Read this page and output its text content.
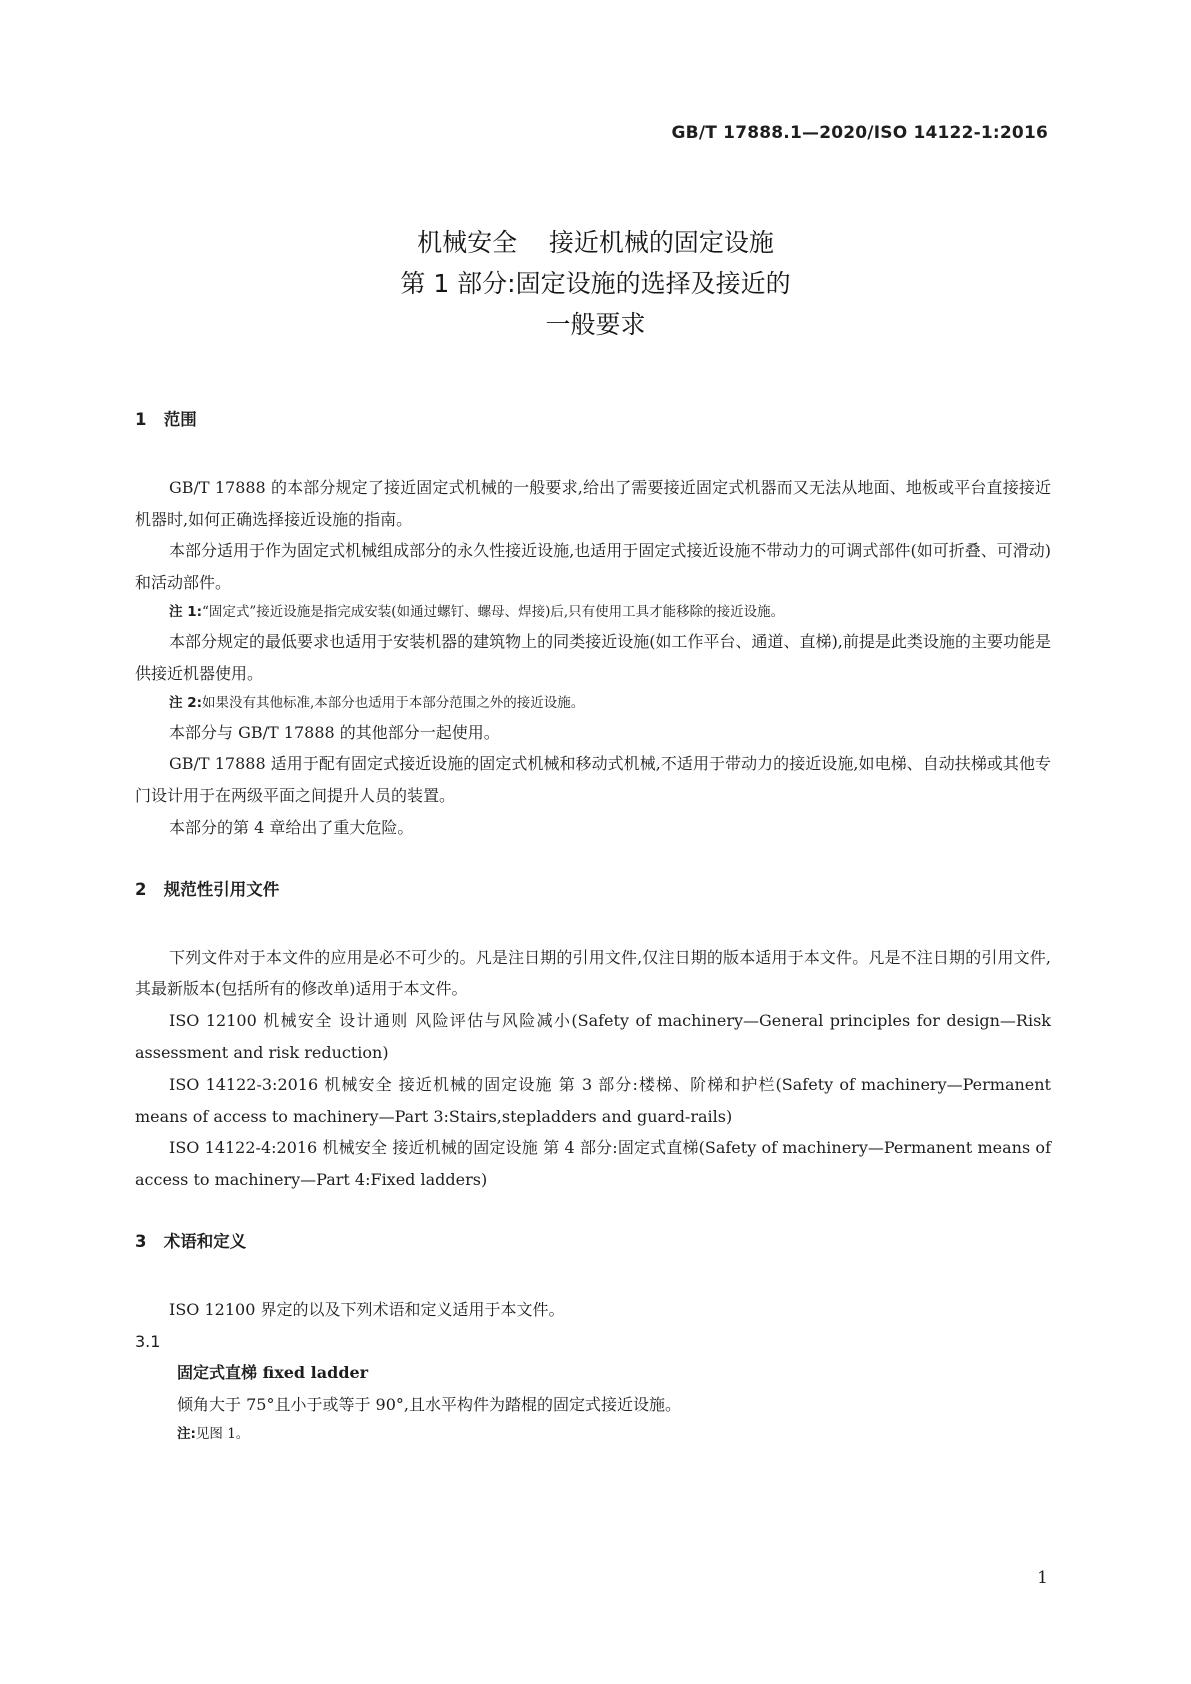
GB/T 17888.1—2020/ISO 14122-1:2016
机械安全    接近机械的固定设施
第 1 部分:固定设施的选择及接近的
一般要求

1   范围

GB/T 17888 的本部分规定了接近固定式机械的一般要求,给出了需要接近固定式机器而又无法从地面、地板或平台直接接近机器时,如何正确选择接近设施的指南。

本部分适用于作为固定式机械组成部分的永久性接近设施,也适用于固定式接近设施不带动力的可调式部件(如可折叠、可滑动)和活动部件。

注 1:“固定式”接近设施是指完成安装(如通过螺钉、螺母、焊接)后,只有使用工具才能移除的接近设施。

本部分规定的最低要求也适用于安装机器的建筑物上的同类接近设施(如工作平台、通道、直梯),前提是此类设施的主要功能是供接近机器使用。

注 2:如果没有其他标准,本部分也适用于本部分范围之外的接近设施。

本部分与 GB/T 17888 的其他部分一起使用。

GB/T 17888 适用于配有固定式接近设施的固定式机械和移动式机械,不适用于带动力的接近设施,如电梯、自动扶梯或其他专门设计用于在两级平面之间提升人员的装置。

本部分的第 4 章给出了重大危险。

2   规范性引用文件

下列文件对于本文件的应用是必不可少的。凡是注日期的引用文件,仅注日期的版本适用于本文件。凡是不注日期的引用文件,其最新版本(包括所有的修改单)适用于本文件。

ISO 12100 机械安全 设计通则 风险评估与风险减小(Safety of machinery—General principles for design—Risk assessment and risk reduction)

ISO 14122-3:2016 机械安全 接近机械的固定设施 第 3 部分:楼梯、阶梯和护栏(Safety of machinery—Permanent means of access to machinery—Part 3:Stairs,stepladders and guard-rails)

ISO 14122-4:2016 机械安全 接近机械的固定设施 第 4 部分:固定式直梯(Safety of machinery—Permanent means of access to machinery—Part 4:Fixed ladders)

3   术语和定义

ISO 12100 界定的以及下列术语和定义适用于本文件。

3.1

固定式直梯 fixed ladder

倾角大于 75°且小于或等于 90°,且水平构件为踏棍的固定式接近设施。

注:见图 1。

1
